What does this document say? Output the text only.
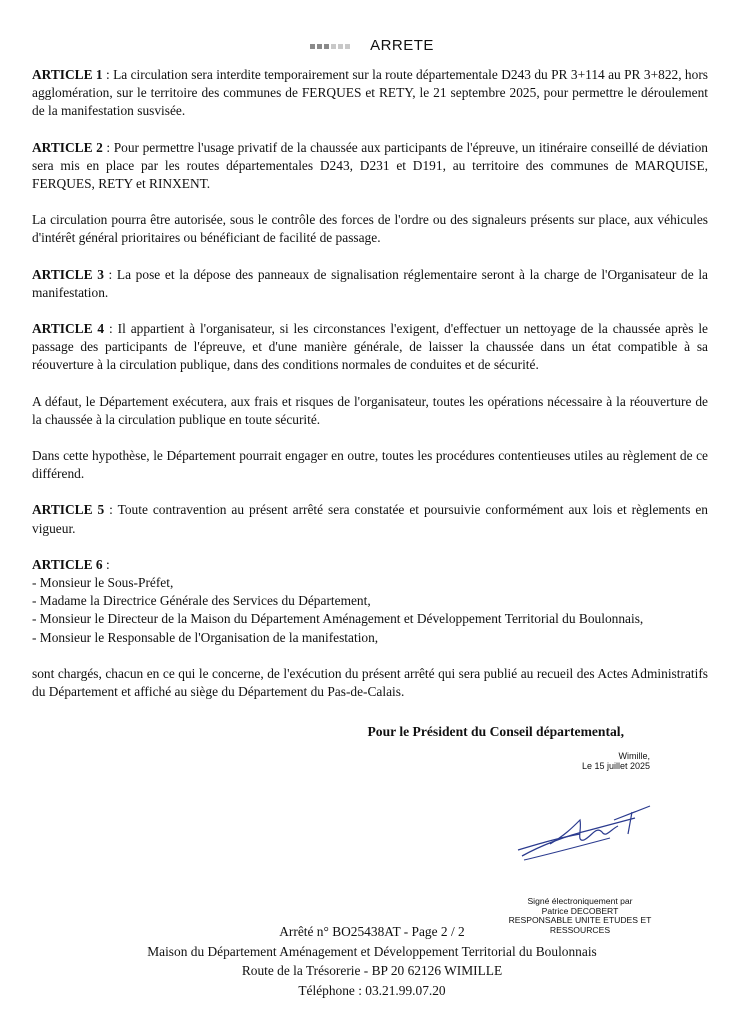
ARRETE

ARTICLE 1 : La circulation sera interdite temporairement sur la route départementale D243 du PR 3+114 au PR 3+822, hors agglomération, sur le territoire des communes de FERQUES et RETY, le 21 septembre 2025, pour permettre le déroulement de la manifestation susvisée.

ARTICLE 2 : Pour permettre l'usage privatif de la chaussée aux participants de l'épreuve, un itinéraire conseillé de déviation sera mis en place par les routes départementales D243, D231 et D191, au territoire des communes de MARQUISE, FERQUES, RETY et RINXENT.

La circulation pourra être autorisée, sous le contrôle des forces de l'ordre ou des signaleurs présents sur place, aux véhicules d'intérêt général prioritaires ou bénéficiant de facilité de passage.

ARTICLE 3 : La pose et la dépose des panneaux de signalisation réglementaire seront à la charge de l'Organisateur de la manifestation.

ARTICLE 4 : Il appartient à l'organisateur, si les circonstances l'exigent, d'effectuer un nettoyage de la chaussée après le passage des participants de l'épreuve, et d'une manière générale, de laisser la chaussée dans un état compatible à sa réouverture à la circulation publique, dans des conditions normales de conduites et de sécurité.

A défaut, le Département exécutera, aux frais et risques de l'organisateur, toutes les opérations nécessaire à la réouverture de la chaussée à la circulation publique en toute sécurité.

Dans cette hypothèse, le Département pourrait engager en outre, toutes les procédures contentieuses utiles au règlement de ce différend.

ARTICLE 5 : Toute contravention au présent arrêté sera constatée et poursuivie conformément aux lois et règlements en vigueur.

ARTICLE 6 :

- Monsieur le Sous-Préfet,

- Madame la Directrice Générale des Services du Département,

- Monsieur le Directeur de la Maison du Département Aménagement et Développement Territorial du Boulonnais,

- Monsieur le Responsable de l'Organisation de la manifestation,

sont chargés, chacun en ce qui le concerne, de l'exécution du présent arrêté qui sera publié au recueil des Actes Administratifs du Département et affiché au siège du Département du Pas-de-Calais.

Pour le Président du Conseil départemental,
Wimille,
Le 15 juillet 2025
Signé électroniquement par
Patrice DECOBERT
RESPONSABLE UNITE ETUDES ET RESSOURCES
Arrêté n° BO25438AT - Page 2 / 2
Maison du Département Aménagement et Développement Territorial du Boulonnais
Route de la Trésorerie - BP 20 62126 WIMILLE
Téléphone : 03.21.99.07.20
